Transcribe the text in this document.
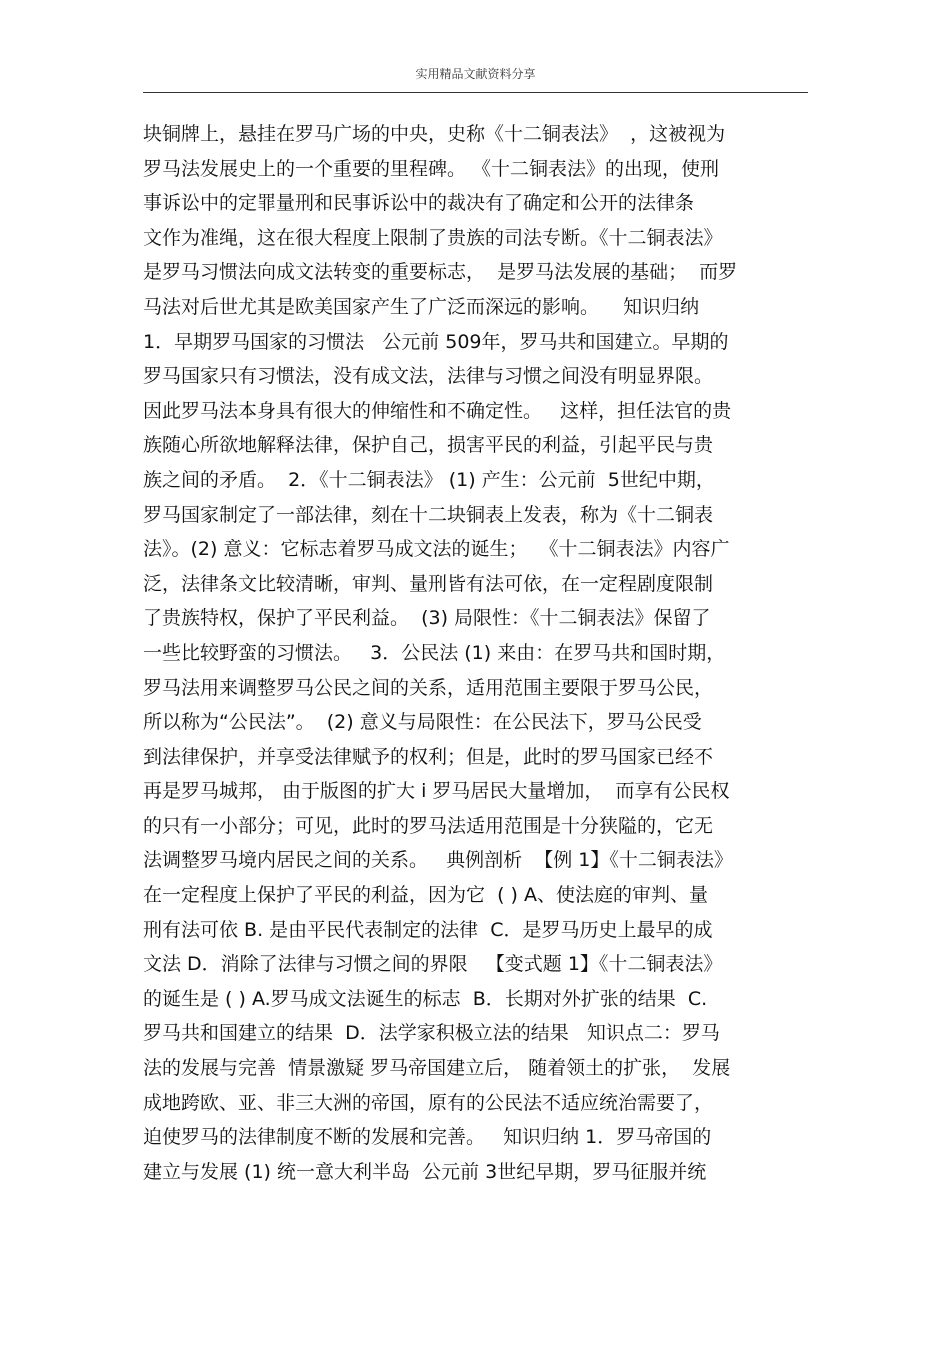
实用精品文献资料分享
块铜牌上，悬挂在罗马广场的中央，史称《十二铜表法》  ，这被视为
罗马法发展史上的一个重要的里程碑。 《十二铜表法》的出现，使刑
事诉讼中的定罪量刑和民事诉讼中的裁决有了确定和公开的法律条
文作为准绳，这在很大程度上限制了贵族的司法专断。《十二铜表法》
是罗马习惯法向成文法转变的重要标志，  是罗马法发展的基础；  而罗
马法对后世尤其是欧美国家产生了广泛而深远的影响。    知识归纳
1．早期罗马国家的习惯法   公元前 509年，罗马共和国建立。早期的
罗马国家只有习惯法，没有成文法，法律与习惯之间没有明显界限。
因此罗马法本身具有很大的伸缩性和不确定性。   这样，担任法官的贵
族随心所欲地解释法律，保护自己，损害平民的利益，引起平民与贵
族之间的矛盾。  2．《十二铜表法》 (1) 产生：公元前  5世纪中期，
罗马国家制定了一部法律，刻在十二块铜表上发表，称为《十二铜表
法》。(2) 意义：它标志着罗马成文法的诞生；  《十二铜表法》内容广
泛，法律条文比较清晰，审判、量刑皆有法可依，在一定程剧度限制
了贵族特权，保护了平民利益。  (3) 局限性：《十二铜表法》保留了
一些比较野蛮的习惯法。   3．公民法 (1) 来由：在罗马共和国时期，
罗马法用来调整罗马公民之间的关系，适用范围主要限于罗马公民，
所以称为“公民法”。  (2) 意义与局限性：在公民法下，罗马公民受
到法律保护，并享受法律赋予的权利；但是，此时的罗马国家已经不
再是罗马城邦， 由于版图的扩大 i 罗马居民大量增加，  而享有公民权
的只有一小部分；可见，此时的罗马法适用范围是十分狭隘的，它无
法调整罗马境内居民之间的关系。   典例剖析  【例 1】《十二铜表法》
在一定程度上保护了平民的利益，因为它  ( ) A、使法庭的审判、量
刑有法可依 B. 是由平民代表制定的法律  C．是罗马历史上最早的成
文法 D．消除了法律与习惯之间的界限   【变式题 1】《十二铜表法》
的诞生是 ( ) A.罗马成文法诞生的标志  B．长期对外扩张的结果  C.
罗马共和国建立的结果  D．法学家积极立法的结果   知识点二：罗马
法的发展与完善  情景激疑 罗马帝国建立后， 随着领土的扩张，  发展
成地跨欧、亚、非三大洲的帝国，原有的公民法不适应统治需要了，
迫使罗马的法律制度不断的发展和完善。   知识归纳 1．罗马帝国的
建立与发展 (1) 统一意大利半岛  公元前 3世纪早期，罗马征服并统
